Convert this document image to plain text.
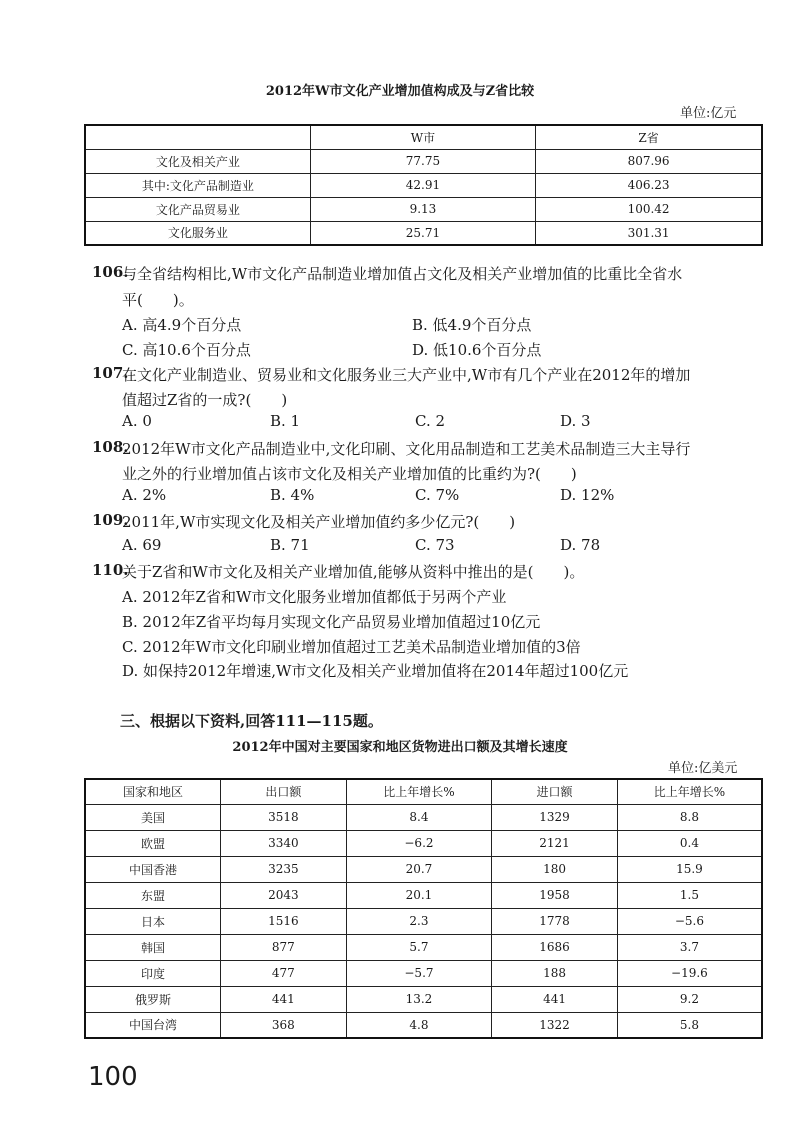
2012年W市文化产业增加值构成及与Z省比较
单位:亿元
	W市	Z省
文化及相关产业	77.75	807.96
其中:文化产品制造业	42.91	406.23
文化产品贸易业	9.13	100.42
文化服务业	25.71	301.31
106.
与全省结构相比,W市文化产品制造业增加值占文化及相关产业增加值的比重比全省水
平(　　)。
A. 高4.9个百分点	B. 低4.9个百分点
C. 高10.6个百分点	D. 低10.6个百分点
107.
在文化产业制造业、贸易业和文化服务业三大产业中,W市有几个产业在2012年的增加
值超过Z省的一成?(　　)
A. 0	B. 1	C. 2	D. 3
108.
2012年W市文化产品制造业中,文化印刷、文化用品制造和工艺美术品制造三大主导行
业之外的行业增加值占该市文化及相关产业增加值的比重约为?(　　)
A. 2%	B. 4%	C. 7%	D. 12%
109.
2011年,W市实现文化及相关产业增加值约多少亿元?(　　)
A. 69	B. 71	C. 73	D. 78
110.
关于Z省和W市文化及相关产业增加值,能够从资料中推出的是(　　)。
A. 2012年Z省和W市文化服务业增加值都低于另两个产业
B. 2012年Z省平均每月实现文化产品贸易业增加值超过10亿元
C. 2012年W市文化印刷业增加值超过工艺美术品制造业增加值的3倍
D. 如保持2012年增速,W市文化及相关产业增加值将在2014年超过100亿元
三、根据以下资料,回答111—115题。
2012年中国对主要国家和地区货物进出口额及其增长速度
单位:亿美元
国家和地区	出口额	比上年增长%	进口额	比上年增长%
美国	3518	8.4	1329	8.8
欧盟	3340	−6.2	2121	0.4
中国香港	3235	20.7	180	15.9
东盟	2043	20.1	1958	1.5
日本	1516	2.3	1778	−5.6
韩国	877	5.7	1686	3.7
印度	477	−5.7	188	−19.6
俄罗斯	441	13.2	441	9.2
中国台湾	368	4.8	1322	5.8
100
